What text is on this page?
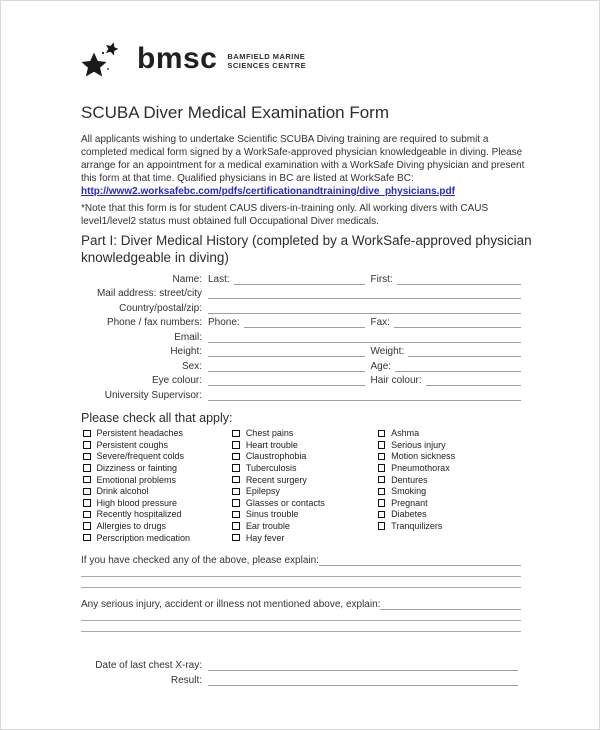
bmsc BAMFIELD MARINE
SCIENCES CENTRE
SCUBA Diver Medical Examination Form
All applicants wishing to undertake Scientific SCUBA Diving training are required to submit a completed medical form signed by a WorkSafe-approved physician knowledgeable in diving. Please arrange for an appointment for a medical examination with a WorkSafe Diving physician and present this form at that time. Qualified physicians in BC are listed at WorkSafe BC:
http://www2.worksafebc.com/pdfs/certificationandtraining/dive_physicians.pdf
*Note that this form is for student CAUS divers-in-training only. All working divers with CAUS level1/level2 status must obtained full Occupational Diver medicals.
Part I: Diver Medical History (completed by a WorkSafe-approved physician knowledgeable in diving)
Name: Last:	First:
Mail address: street/city
Country/postal/zip:
Phone / fax numbers: Phone:	Fax:
Email:
Height:	Weight:
Sex:	Age:
Eye colour:	Hair colour:
University Supervisor:
Please check all that apply:
Persistent headaches
Persistent coughs
Severe/frequent colds
Dizziness or fainting
Emotional problems
Drink alcohol
High blood pressure
Recently hospitalized
Allergies to drugs
Perscription medication
Chest pains
Heart trouble
Claustrophobia
Tuberculosis
Recent surgery
Epilepsy
Glasses or contacts
Sinus trouble
Ear trouble
Hay fever
Ashma
Serious injury
Motion sickness
Pneumothorax
Dentures
Smoking
Pregnant
Diabetes
Tranquilizers
If you have checked any of the above, please explain:
Any serious injury, accident or illness not mentioned above, explain:
Date of last chest X-ray:
Result:
